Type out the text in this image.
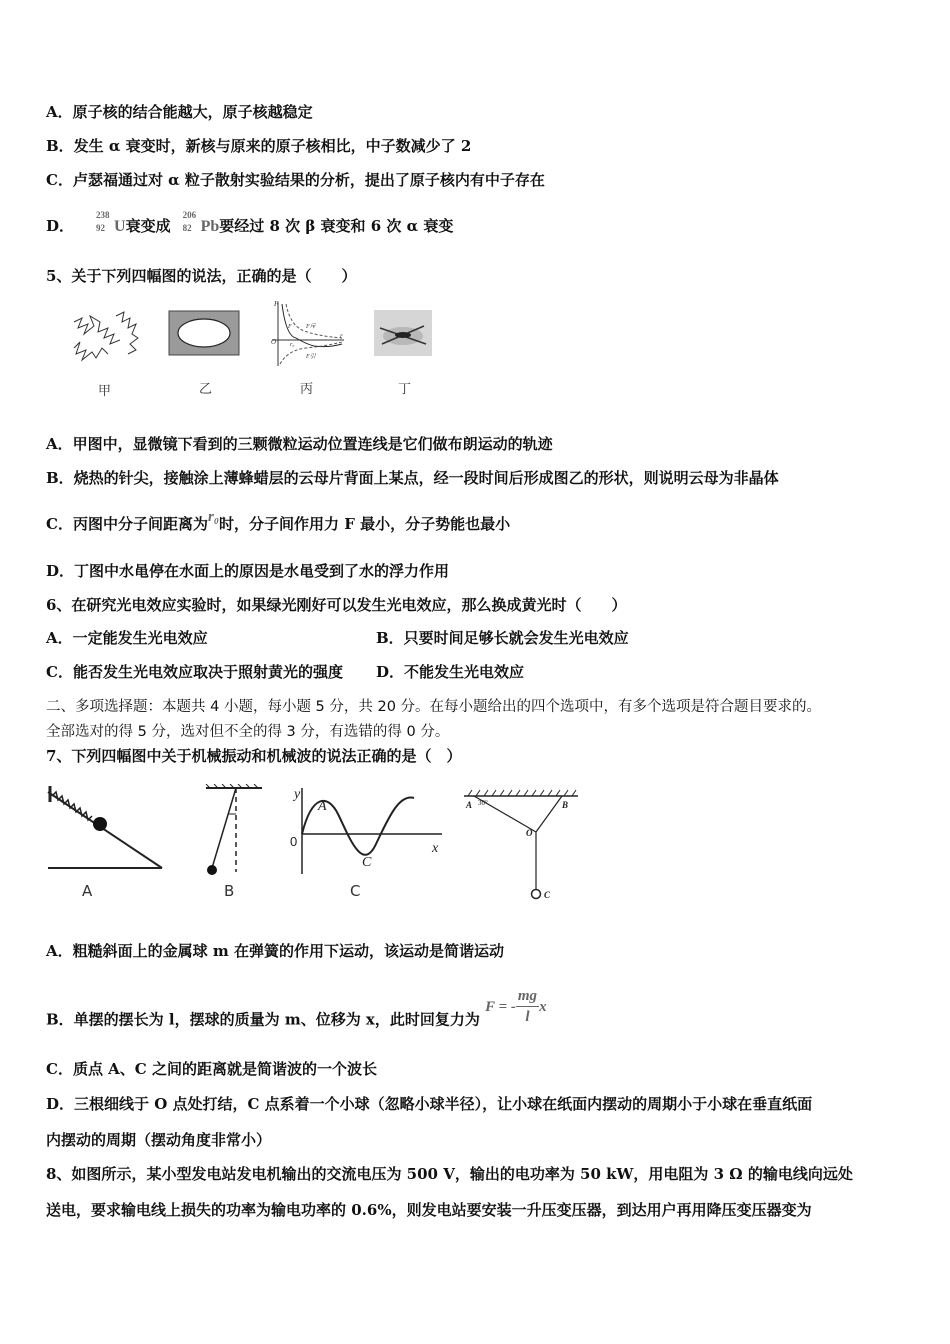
A．原子核的结合能越大，原子核越稳定
B．发生 α 衰变时，新核与原来的原子核相比，中子数减少了 2
C．卢瑟福通过对 α 粒子散射实验结果的分析，提出了原子核内有中子存在
D．
238
92 U衰变成
206
82 Pb要经过 8 次 β 衰变和 6 次 α 衰变
5、关于下列四幅图的说法，正确的是（　　）
甲	乙
F
r
O r₀
F斥
F引
F
丙	丁
A．甲图中，显微镜下看到的三颗微粒运动位置连线是它们做布朗运动的轨迹
B．烧热的针尖，接触涂上薄蜂蜡层的云母片背面上某点，经一段时间后形成图乙的形状，则说明云母为非晶体
C．丙图中分子间距离为r₀时，分子间作用力 F 最小，分子势能也最小
D．丁图中水黾停在水面上的原因是水黾受到了水的浮力作用
6、在研究光电效应实验时，如果绿光刚好可以发生光电效应，那么换成黄光时（　　）
A．一定能发生光电效应	B．只要时间足够长就会发生光电效应
C．能否发生光电效应取决于照射黄光的强度 D．不能发生光电效应
二、多项选择题：本题共 4 小题，每小题 5 分，共 20 分。在每小题给出的四个选项中，有多个选项是符合题目要求的。
全部选对的得 5 分，选对但不全的得 3 分，有选错的得 0 分。
7、下列四幅图中关于机械振动和机械波的说法正确的是（　）
A	B
y
x
0
A
C
C
A 30°	B
O
C
A．粗糙斜面上的金属球 m 在弹簧的作用下运动，该运动是简谐运动
B．单摆的摆长为 l，摆球的质量为 m、位移为 x，此时回复力为 F = - $\frac{mg}{l}$ x
C．质点 A、C 之间的距离就是简谐波的一个波长
D．三根细线于 O 点处打结，C 点系着一个小球（忽略小球半径），让小球在纸面内摆动的周期小于小球在垂直纸面
内摆动的周期（摆动角度非常小）
8、如图所示，某小型发电站发电机输出的交流电压为 500 V，输出的电功率为 50 kW，用电阻为 3 Ω 的输电线向远处
送电，要求输电线上损失的功率为输电功率的 0.6%，则发电站要安装一升压变压器，到达用户再用降压变压器变为
